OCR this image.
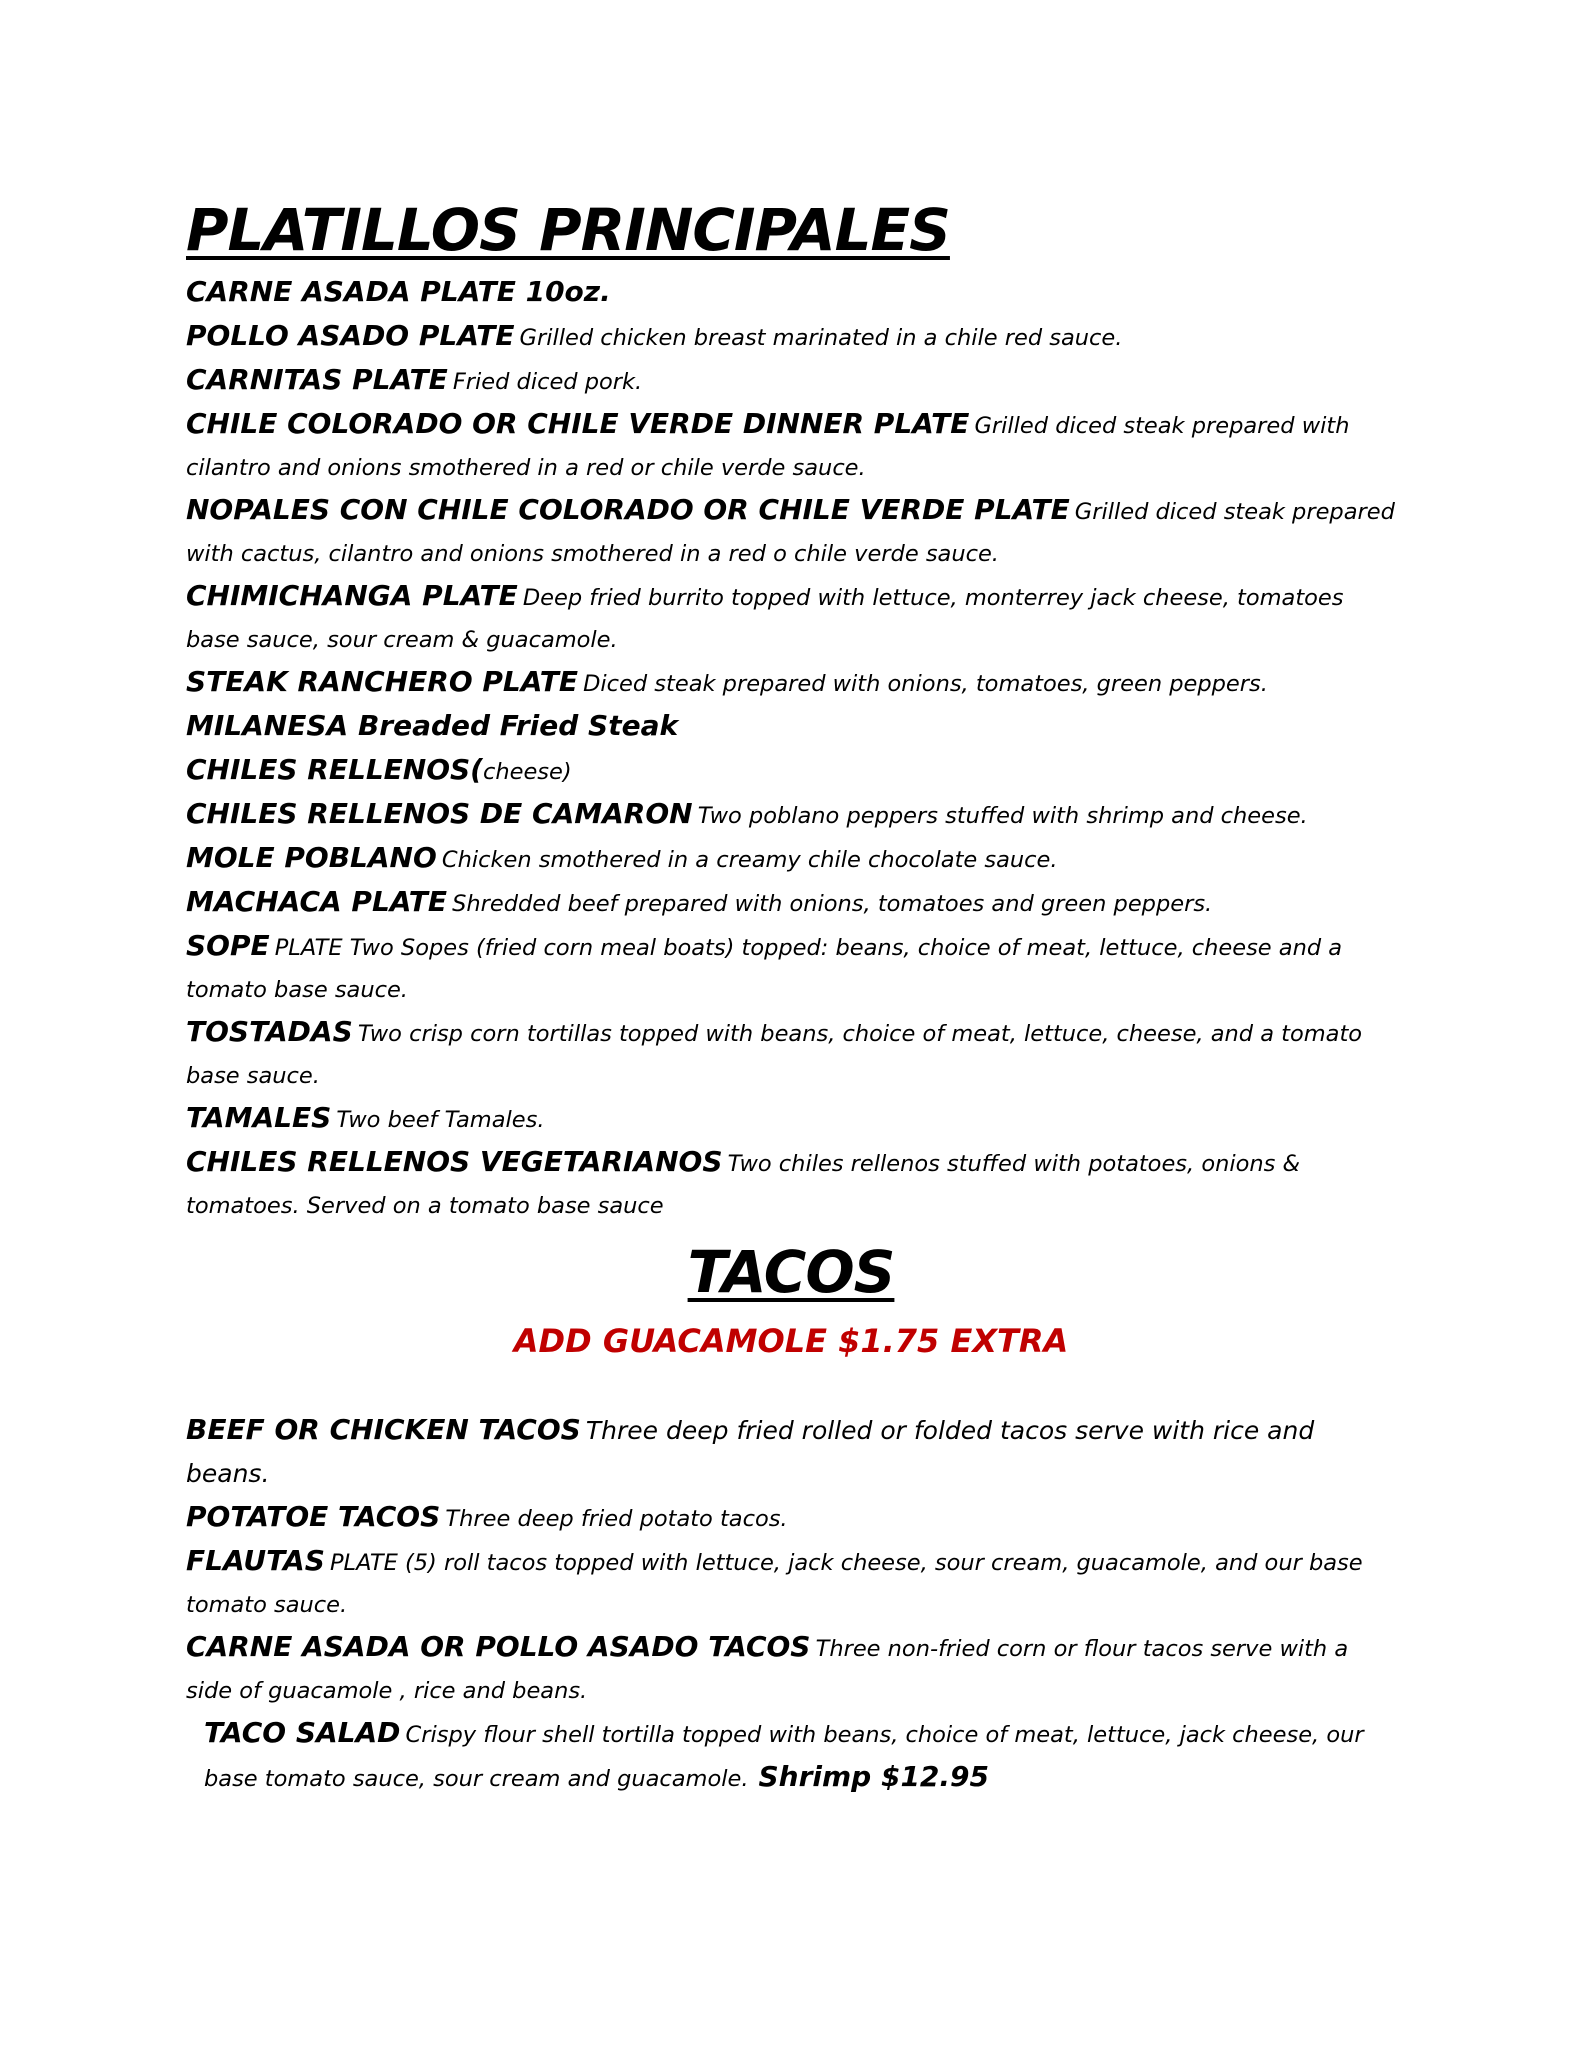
PLATILLOS PRINCIPALES

CARNE ASADA PLATE 10oz.

POLLO ASADO PLATE Grilled chicken breast marinated in a chile red sauce.

CARNITAS PLATE Fried diced pork.

CHILE COLORADO OR CHILE VERDE DINNER PLATE Grilled diced steak prepared with cilantro and onions smothered in a red or chile verde sauce.

NOPALES CON CHILE COLORADO OR CHILE VERDE PLATE Grilled diced steak prepared with cactus, cilantro and onions smothered in a red o chile verde sauce.

CHIMICHANGA PLATE Deep fried burrito topped with lettuce, monterrey jack cheese, tomatoes base sauce, sour cream & guacamole.

STEAK RANCHERO PLATE Diced steak prepared with onions, tomatoes, green peppers.

MILANESA Breaded Fried Steak

CHILES RELLENOS(cheese)

CHILES RELLENOS DE CAMARON Two poblano peppers stuffed with shrimp and cheese.

MOLE POBLANO Chicken smothered in a creamy chile chocolate sauce.

MACHACA PLATE Shredded beef prepared with onions, tomatoes and green peppers.

SOPE PLATE Two Sopes (fried corn meal boats) topped: beans, choice of meat, lettuce, cheese and a tomato base sauce.

TOSTADAS Two crisp corn tortillas topped with beans, choice of meat, lettuce, cheese, and a tomato base sauce.

TAMALES Two beef Tamales.

CHILES RELLENOS VEGETARIANOS Two chiles rellenos stuffed with potatoes, onions & tomatoes. Served on a tomato base sauce

TACOS
ADD GUACAMOLE $1.75 EXTRA

BEEF OR CHICKEN TACOS Three deep fried rolled or folded tacos serve with rice and beans.

POTATOE TACOS Three deep fried potato tacos.

FLAUTAS PLATE (5) roll tacos topped with lettuce, jack cheese, sour cream, guacamole, and our base tomato sauce.

CARNE ASADA OR POLLO ASADO TACOS Three non-fried corn or flour tacos serve with a side of guacamole , rice and beans.

TACO SALAD Crispy flour shell tortilla topped with beans, choice of meat, lettuce, jack cheese, our base tomato sauce, sour cream and guacamole. Shrimp $12.95
